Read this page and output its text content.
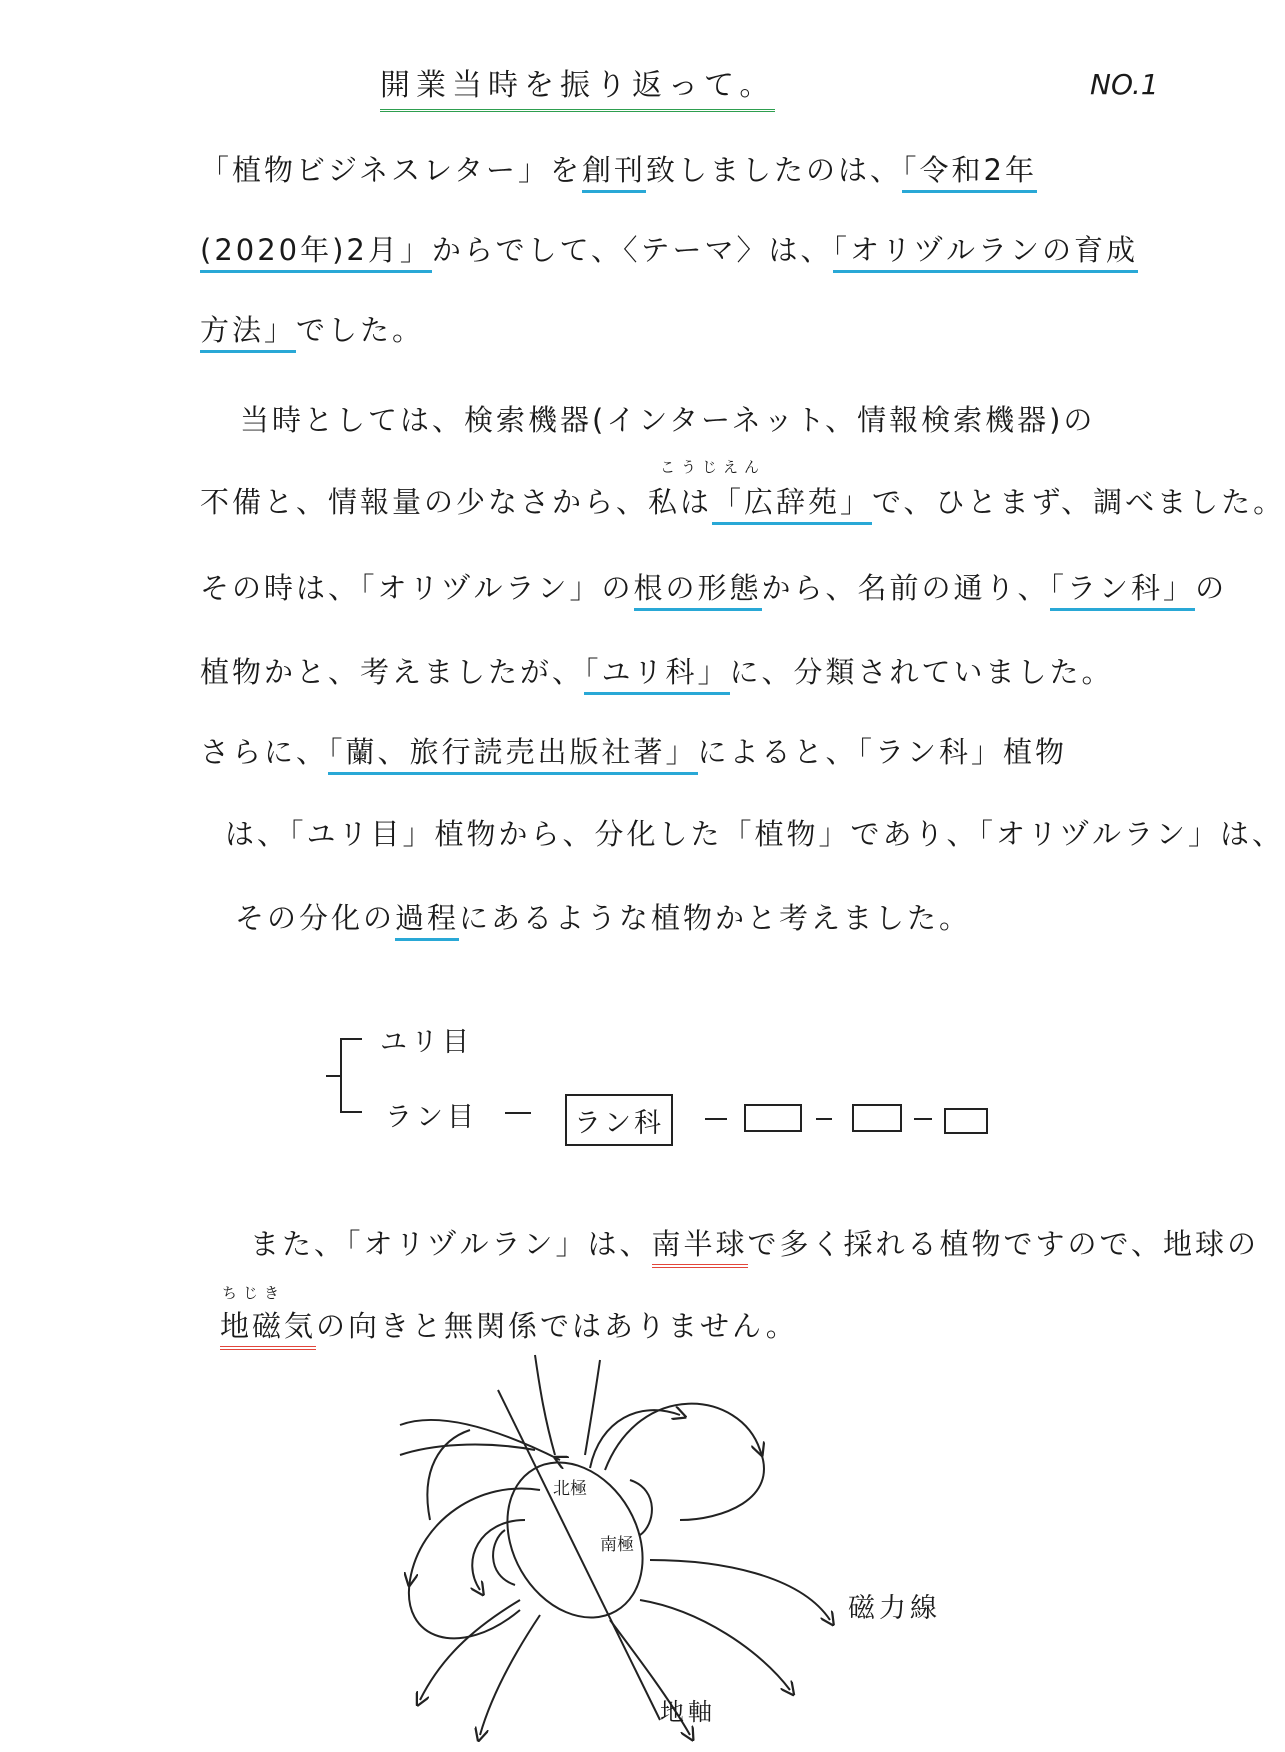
開業当時を振り返って。	NO.1
「植物ビジネスレター」を創刊致しましたのは、「令和2年
(2020年)2月」からでして、〈テーマ〉は、「オリヅルランの育成
方法」でした。
当時としては、検索機器(インターネット、情報検索機器)の
こうじえん
不備と、情報量の少なさから、私は「広辞苑」で、ひとまず、調べました。
その時は、「オリヅルラン」の根の形態から、名前の通り、「ラン科」の
植物かと、考えましたが、「ユリ科」に、分類されていました。
さらに、「蘭、旅行読売出版社著」によると、「ラン科」植物
は、「ユリ目」植物から、分化した「植物」であり、「オリヅルラン」は、
その分化の過程にあるような植物かと考えました。
ユリ目
ラン目	ラン科
また、「オリヅルラン」は、南半球で多く採れる植物ですので、地球の
ちじき
地磁気の向きと無関係ではありません。
北極
南極
磁力線
地軸
